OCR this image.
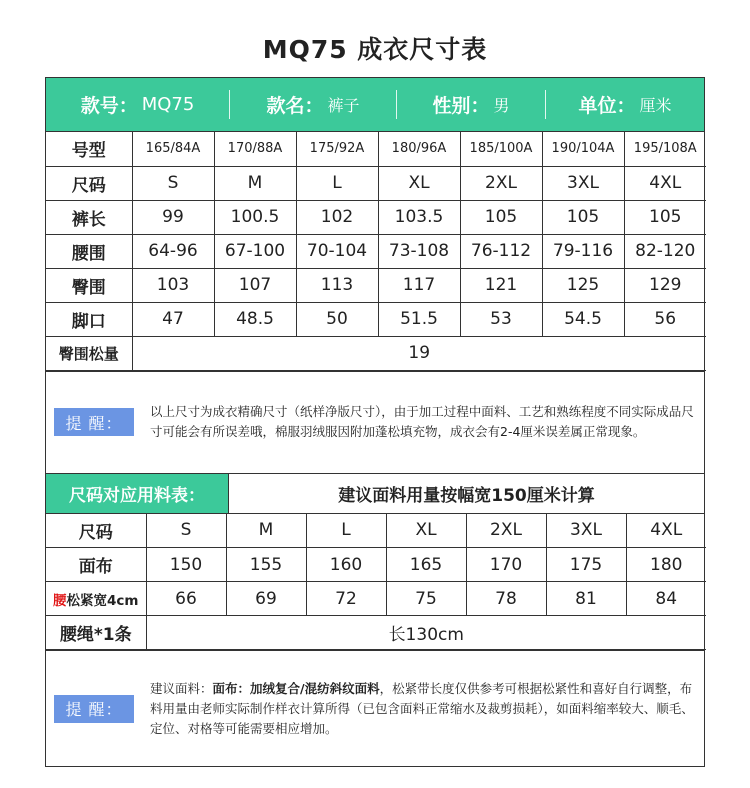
MQ75 成衣尺寸表
款号： MQ75	款名： 裤子	性别： 男	单位： 厘米
号型	165/84A	170/88A	175/92A	180/96A	185/100A	190/104A	195/108A
尺码	S	M	L	XL	2XL	3XL	4XL
裤长	99	100.5	102	103.5	105	105	105
腰围	64-96	67-100	70-104	73-108	76-112	79-116	82-120
臀围	103	107	113	117	121	125	129
脚口	47	48.5	50	51.5	53	54.5	56
臀围松量	19						
提 醒：
以上尺寸为成衣精确尺寸（纸样净版尺寸），由于加工过程中面料、工艺和熟练程度不同实际成品尺寸可能会有所误差哦，棉服羽绒服因附加蓬松填充物，成衣会有2-4厘米误差属正常现象。
尺码对应用料表：	建议面料用量按幅宽150厘米计算
尺码	S	M	L	XL	2XL	3XL	4XL
面布	150	155	160	165	170	175	180
腰松紧宽4cm	66	69	72	75	78	81	84
腰绳*1条	长130cm						
提 醒：
建议面料：面布：加绒复合/混纺斜纹面料，松紧带长度仅供参考可根据松紧性和喜好自行调整，布料用量由老师实际制作样衣计算所得（已包含面料正常缩水及裁剪损耗），如面料缩率较大、顺毛、定位、对格等可能需要相应增加。
